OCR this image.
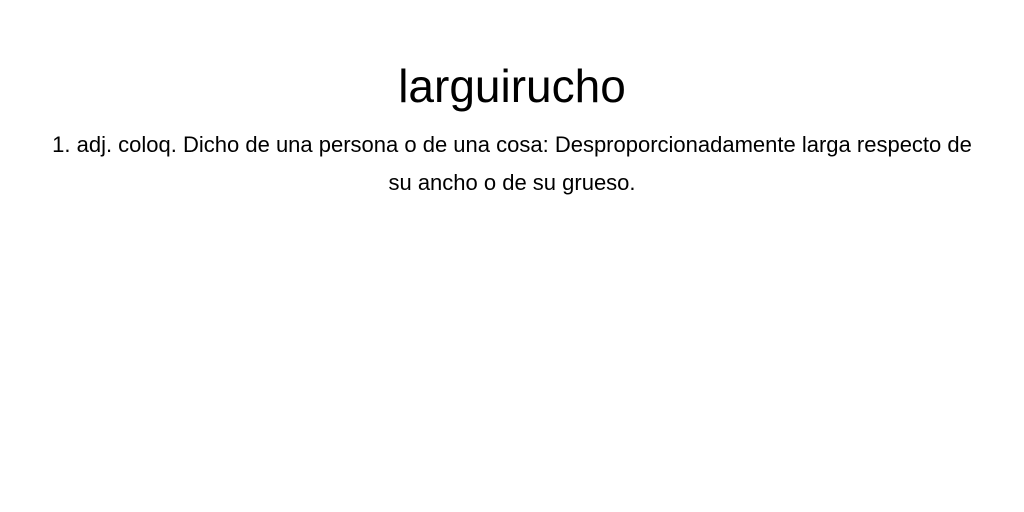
larguirucho

1. adj. coloq. Dicho de una persona o de una cosa: Desproporcionadamente larga respecto de su ancho o de su grueso.
